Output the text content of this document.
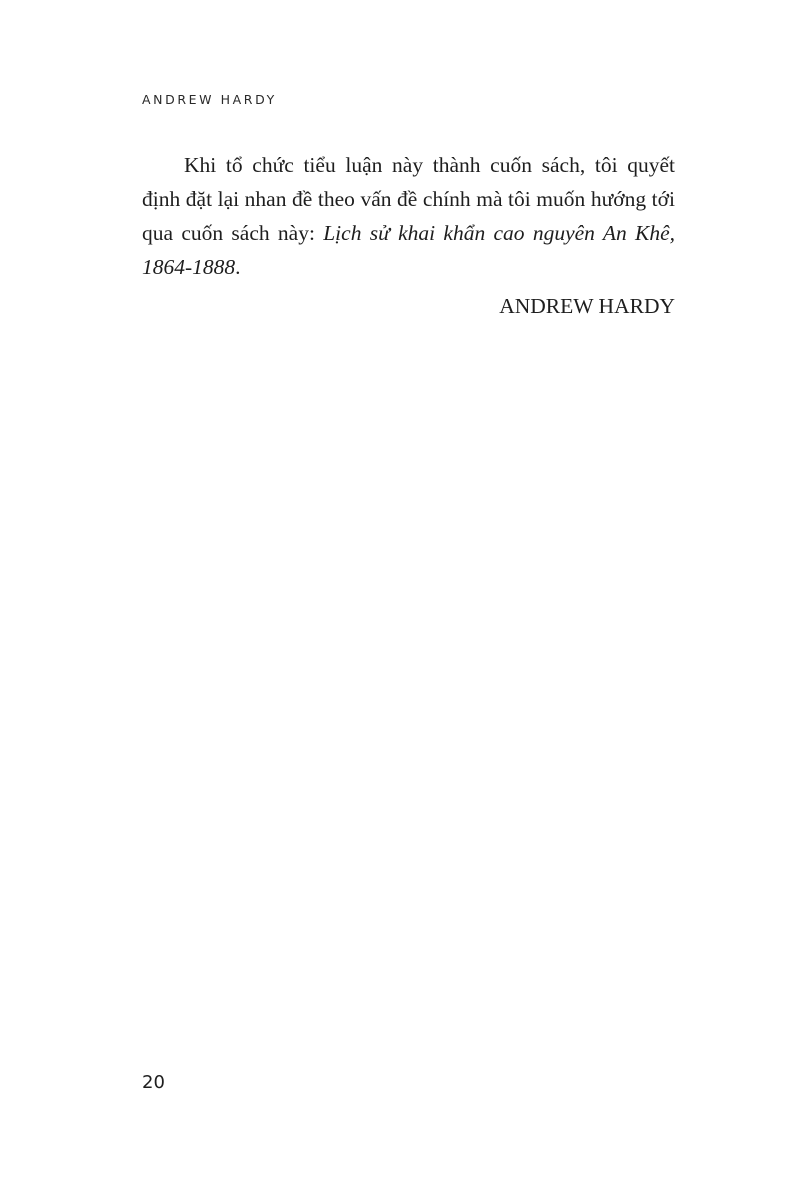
ANDREW HARDY

Khi tổ chức tiểu luận này thành cuốn sách, tôi quyết định đặt lại nhan đề theo vấn đề chính mà tôi muốn hướng tới qua cuốn sách này: Lịch sử khai khẩn cao nguyên An Khê, 1864-1888.

ANDREW HARDY
20
